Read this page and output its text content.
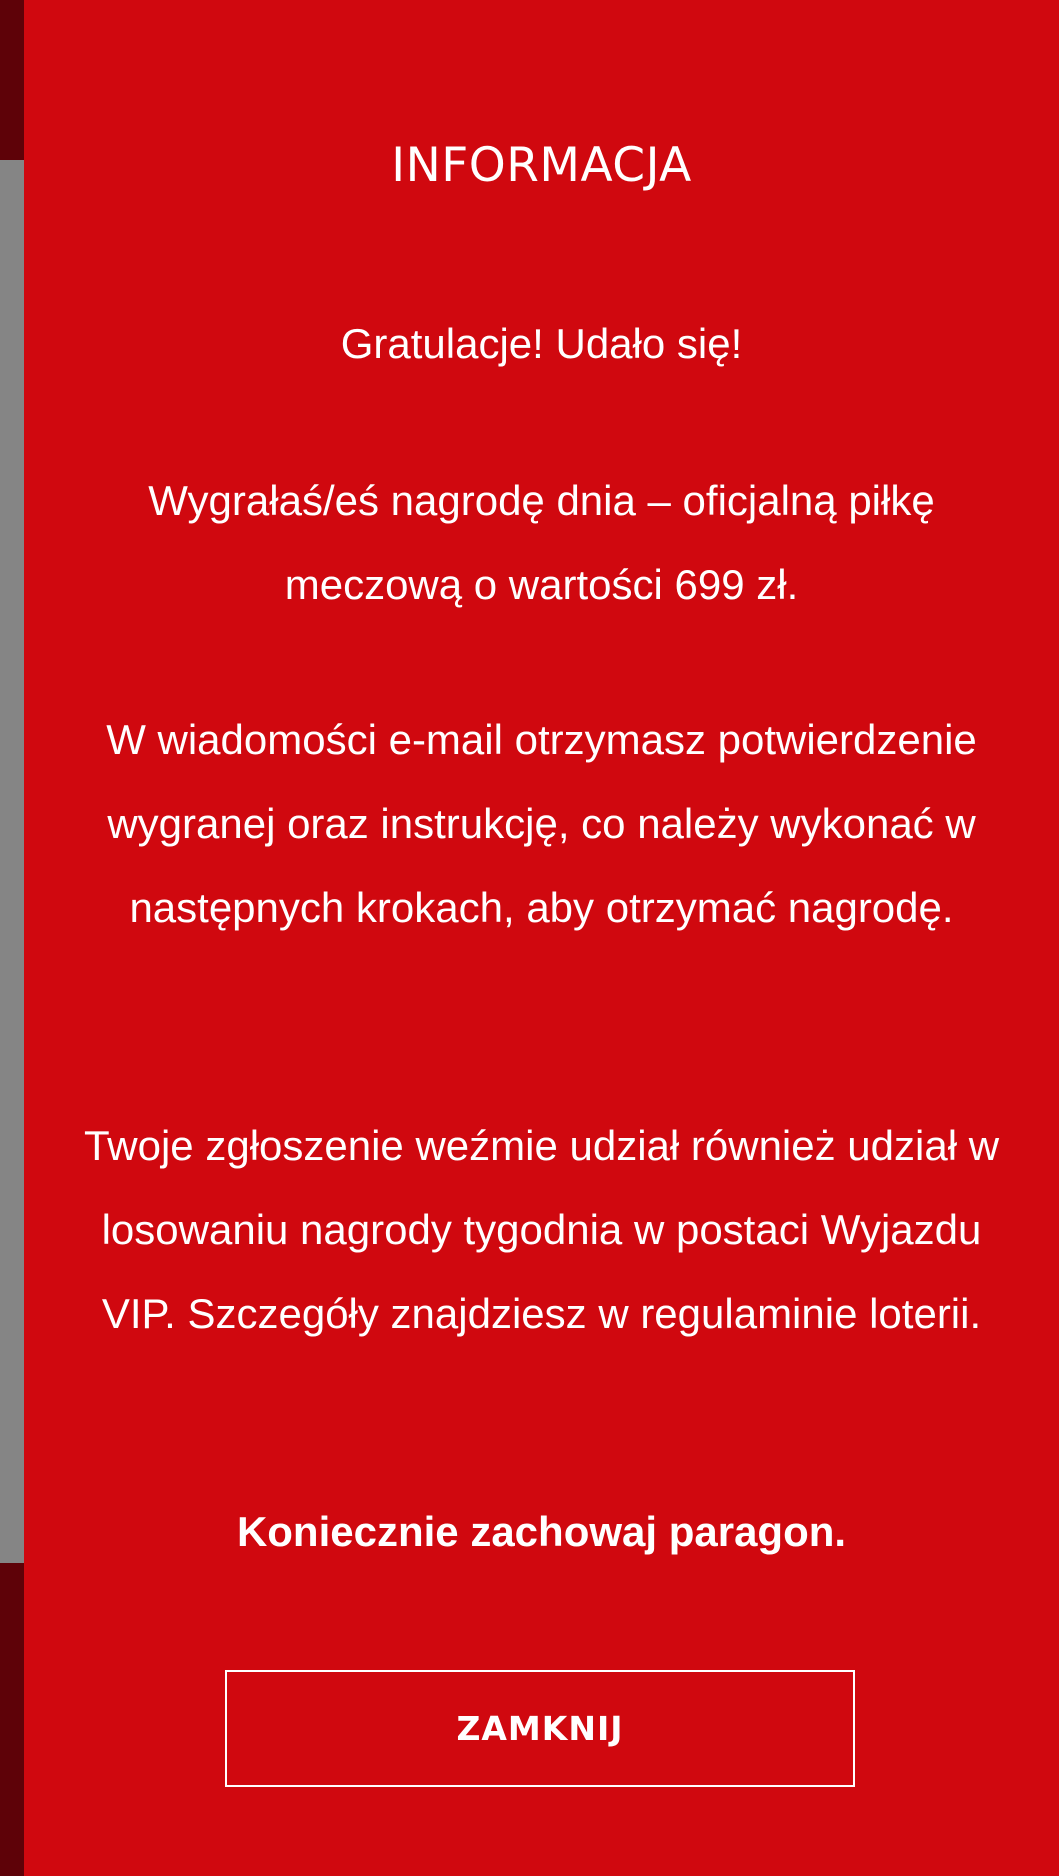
INFORMACJA

Gratulacje! Udało się!

Wygrałaś/eś nagrodę dnia – oficjalną piłkę meczową o wartości 699 zł.

W wiadomości e-mail otrzymasz potwierdzenie wygranej oraz instrukcję, co należy wykonać w następnych krokach, aby otrzymać nagrodę.

Twoje zgłoszenie weźmie udział również udział w losowaniu nagrody tygodnia w postaci Wyjazdu VIP. Szczegóły znajdziesz w regulaminie loterii.

Koniecznie zachowaj paragon.

ZAMKNIJ
